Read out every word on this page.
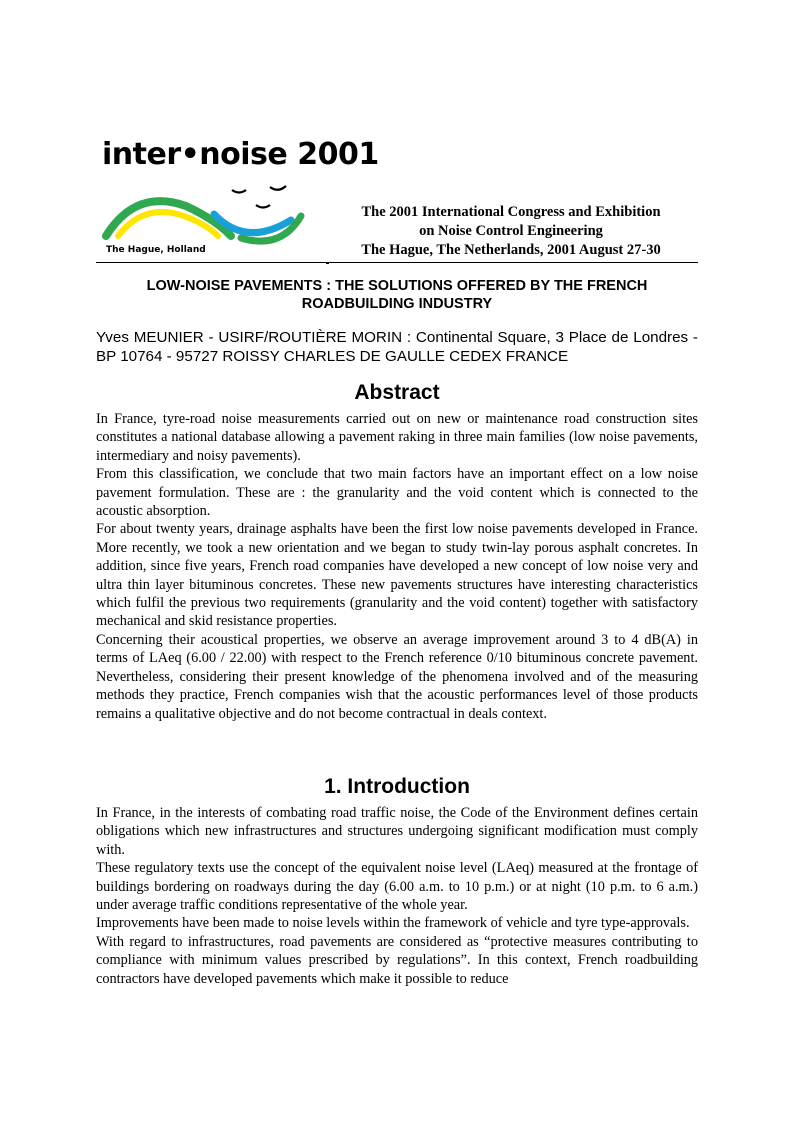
inter•noise 2001
The Hague, Holland
The 2001 International Congress and Exhibition
on Noise Control Engineering
The Hague, The Netherlands, 2001 August 27-30
LOW-NOISE PAVEMENTS : THE SOLUTIONS OFFERED BY THE FRENCH
ROADBUILDING INDUSTRY
Yves MEUNIER - USIRF/ROUTIÈRE MORIN : Continental Square, 3 Place de Londres - BP 10764 - 95727 ROISSY CHARLES DE GAULLE CEDEX FRANCE
Abstract

In France, tyre-road noise measurements carried out on new or maintenance road construction sites constitutes a national database allowing a pavement raking in three main families (low noise pavements, intermediary and noisy pavements).

From this classification, we conclude that two main factors have an important effect on a low noise pavement formulation. These are : the granularity and the void content which is connected to the acoustic absorption.

For about twenty years, drainage asphalts have been the first low noise pavements developed in France. More recently, we took a new orientation and we began to study twin-lay porous asphalt concretes. In addition, since five years, French road companies have developed a new concept of low noise very and ultra thin layer bituminous concretes. These new pavements structures have interesting characteristics which fulfil the previous two requirements (granularity and the void content) together with satisfactory mechanical and skid resistance properties.

Concerning their acoustical properties, we observe an average improvement around 3 to 4 dB(A) in terms of LAeq (6.00 / 22.00) with respect to the French reference 0/10 bituminous concrete pavement. Nevertheless, considering their present knowledge of the phenomena involved and of the measuring methods they practice, French companies wish that the acoustic performances level of those products remains a qualitative objective and do not become contractual in deals context.

1. Introduction

In France, in the interests of combating road traffic noise, the Code of the Environment defines certain obligations which new infrastructures and structures undergoing significant modification must comply with.

These regulatory texts use the concept of the equivalent noise level (LAeq) measured at the frontage of buildings bordering on roadways during the day (6.00 a.m. to 10 p.m.) or at night (10 p.m. to 6 a.m.) under average traffic conditions representative of the whole year.

Improvements have been made to noise levels within the framework of vehicle and tyre type-approvals.

With regard to infrastructures, road pavements are considered as “protective measures contributing to compliance with minimum values prescribed by regulations”. In this context, French roadbuilding contractors have developed pavements which make it possible to reduce
